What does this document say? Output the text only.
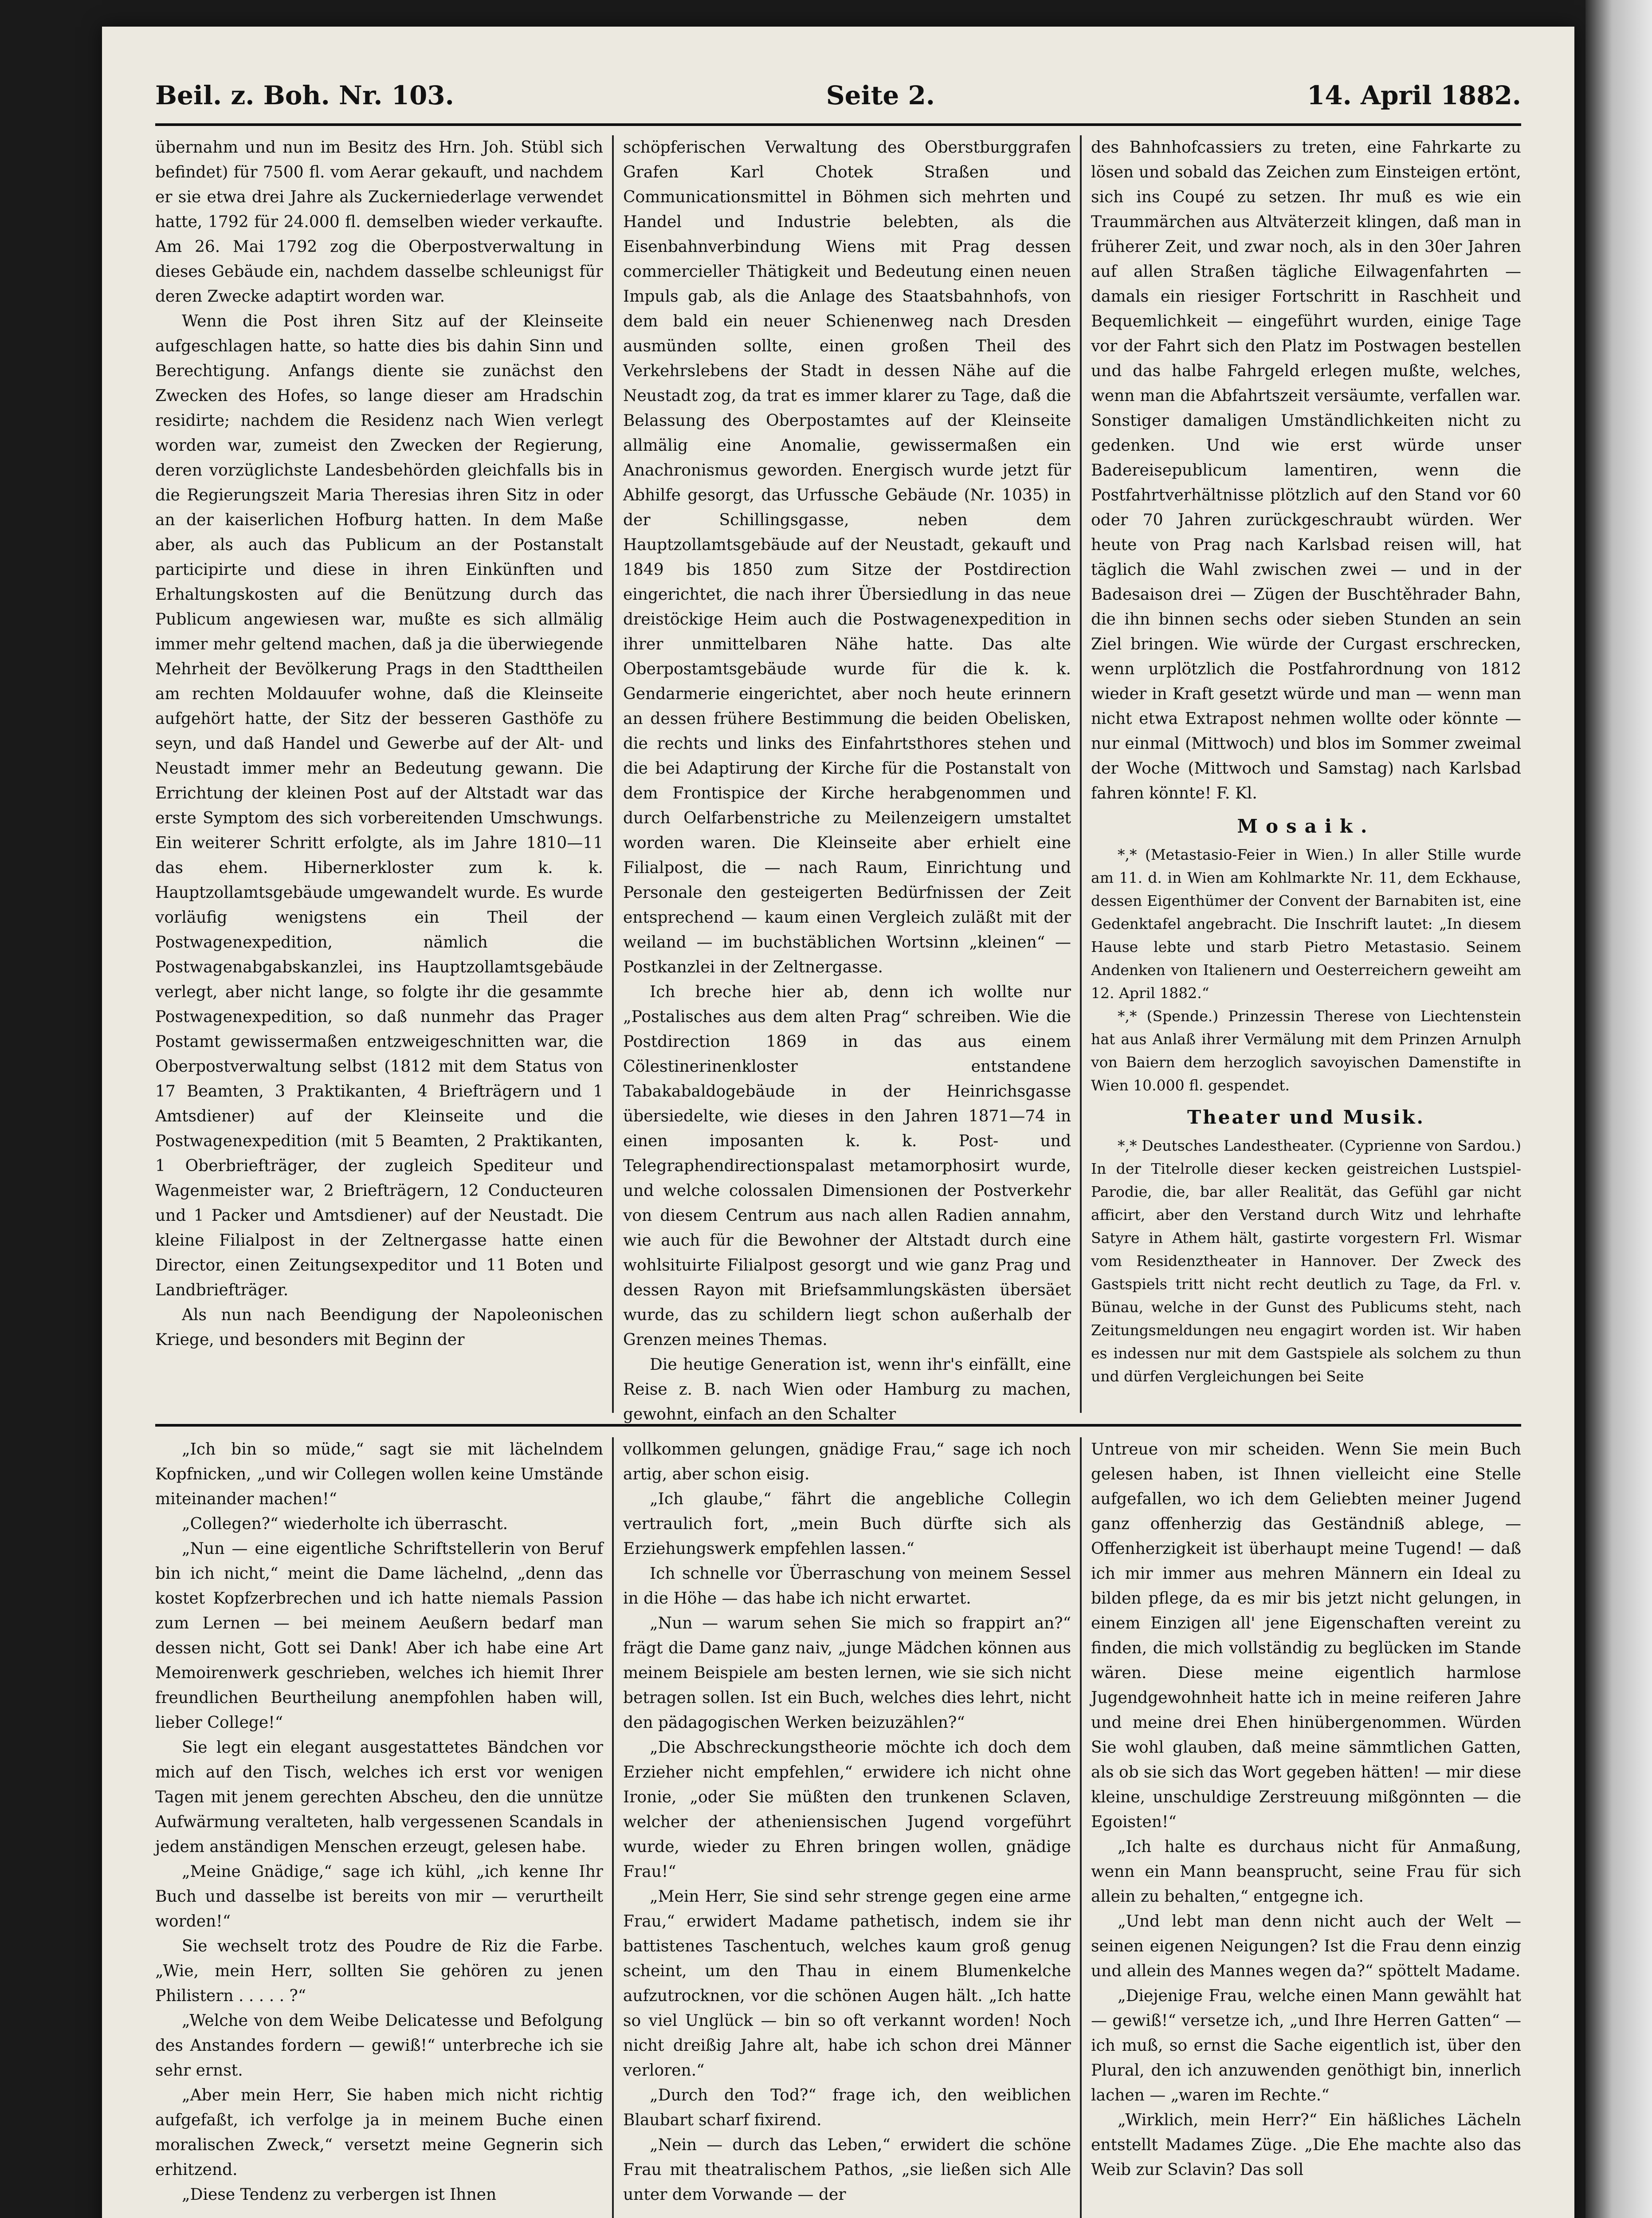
Beil. z. Boh. Nr. 103.	Seite 2.	14. April 1882.

übernahm und nun im Besitz des Hrn. Joh. Stübl sich befindet) für 7500 fl. vom Aerar gekauft, und nachdem er sie etwa drei Jahre als Zuckerniederlage verwendet hatte, 1792 für 24.000 fl. demselben wieder verkaufte. Am 26. Mai 1792 zog die Oberpostverwaltung in dieses Gebäude ein, nachdem dasselbe schleunigst für deren Zwecke adaptirt worden war.

Wenn die Post ihren Sitz auf der Kleinseite aufgeschlagen hatte, so hatte dies bis dahin Sinn und Berechtigung. Anfangs diente sie zunächst den Zwecken des Hofes, so lange dieser am Hradschin residirte; nachdem die Residenz nach Wien verlegt worden war, zumeist den Zwecken der Regierung, deren vorzüglichste Landesbehörden gleichfalls bis in die Regierungszeit Maria Theresias ihren Sitz in oder an der kaiserlichen Hofburg hatten. In dem Maße aber, als auch das Publicum an der Postanstalt participirte und diese in ihren Einkünften und Erhaltungskosten auf die Benützung durch das Publicum angewiesen war, mußte es sich allmälig immer mehr geltend machen, daß ja die überwiegende Mehrheit der Bevölkerung Prags in den Stadttheilen am rechten Moldauufer wohne, daß die Kleinseite aufgehört hatte, der Sitz der besseren Gasthöfe zu seyn, und daß Handel und Gewerbe auf der Alt- und Neustadt immer mehr an Bedeutung gewann. Die Errichtung der kleinen Post auf der Altstadt war das erste Symptom des sich vorbereitenden Umschwungs. Ein weiterer Schritt erfolgte, als im Jahre 1810—11 das ehem. Hibernerkloster zum k. k. Hauptzollamtsgebäude umgewandelt wurde. Es wurde vorläufig wenigstens ein Theil der Postwagenexpedition, nämlich die Postwagenabgabskanzlei, ins Hauptzollamtsgebäude verlegt, aber nicht lange, so folgte ihr die gesammte Postwagenexpedition, so daß nunmehr das Prager Postamt gewissermaßen entzweigeschnitten war, die Oberpostverwaltung selbst (1812 mit dem Status von 17 Beamten, 3 Praktikanten, 4 Briefträgern und 1 Amtsdiener) auf der Kleinseite und die Postwagenexpedition (mit 5 Beamten, 2 Praktikanten, 1 Oberbriefträger, der zugleich Spediteur und Wagenmeister war, 2 Briefträgern, 12 Conducteuren und 1 Packer und Amtsdiener) auf der Neustadt. Die kleine Filialpost in der Zeltnergasse hatte einen Director, einen Zeitungsexpeditor und 11 Boten und Landbriefträger.

Als nun nach Beendigung der Napoleonischen Kriege, und besonders mit Beginn der

schöpferischen Verwaltung des Oberstburggrafen Grafen Karl Chotek Straßen und Communicationsmittel in Böhmen sich mehrten und Handel und Industrie belebten, als die Eisenbahnverbindung Wiens mit Prag dessen commercieller Thätigkeit und Bedeutung einen neuen Impuls gab, als die Anlage des Staatsbahnhofs, von dem bald ein neuer Schienenweg nach Dresden ausmünden sollte, einen großen Theil des Verkehrslebens der Stadt in dessen Nähe auf die Neustadt zog, da trat es immer klarer zu Tage, daß die Belassung des Oberpostamtes auf der Kleinseite allmälig eine Anomalie, gewissermaßen ein Anachronismus geworden. Energisch wurde jetzt für Abhilfe gesorgt, das Urfussche Gebäude (Nr. 1035) in der Schillingsgasse, neben dem Hauptzollamtsgebäude auf der Neustadt, gekauft und 1849 bis 1850 zum Sitze der Postdirection eingerichtet, die nach ihrer Übersiedlung in das neue dreistöckige Heim auch die Postwagenexpedition in ihrer unmittelbaren Nähe hatte. Das alte Oberpostamtsgebäude wurde für die k. k. Gendarmerie eingerichtet, aber noch heute erinnern an dessen frühere Bestimmung die beiden Obelisken, die rechts und links des Einfahrtsthores stehen und die bei Adaptirung der Kirche für die Postanstalt von dem Frontispice der Kirche herabgenommen und durch Oelfarbenstriche zu Meilenzeigern umstaltet worden waren. Die Kleinseite aber erhielt eine Filialpost, die — nach Raum, Einrichtung und Personale den gesteigerten Bedürfnissen der Zeit entsprechend — kaum einen Vergleich zuläßt mit der weiland — im buchstäblichen Wortsinn „kleinen“ — Postkanzlei in der Zeltnergasse.

Ich breche hier ab, denn ich wollte nur „Postalisches aus dem alten Prag“ schreiben. Wie die Postdirection 1869 in das aus einem Cölestinerinenkloster entstandene Tabakabaldogebäude in der Heinrichsgasse übersiedelte, wie dieses in den Jahren 1871—74 in einen imposanten k. k. Post- und Telegraphendirectionspalast metamorphosirt wurde, und welche colossalen Dimensionen der Postverkehr von diesem Centrum aus nach allen Radien annahm, wie auch für die Bewohner der Altstadt durch eine wohlsituirte Filialpost gesorgt und wie ganz Prag und dessen Rayon mit Briefsammlungskästen übersäet wurde, das zu schildern liegt schon außerhalb der Grenzen meines Themas.

Die heutige Generation ist, wenn ihr's einfällt, eine Reise z. B. nach Wien oder Hamburg zu machen, gewohnt, einfach an den Schalter

des Bahnhofcassiers zu treten, eine Fahrkarte zu lösen und sobald das Zeichen zum Einsteigen ertönt, sich ins Coupé zu setzen. Ihr muß es wie ein Traummärchen aus Altväterzeit klingen, daß man in früherer Zeit, und zwar noch, als in den 30er Jahren auf allen Straßen tägliche Eilwagenfahrten — damals ein riesiger Fortschritt in Raschheit und Bequemlichkeit — eingeführt wurden, einige Tage vor der Fahrt sich den Platz im Postwagen bestellen und das halbe Fahrgeld erlegen mußte, welches, wenn man die Abfahrtszeit versäumte, verfallen war. Sonstiger damaligen Umständlichkeiten nicht zu gedenken. Und wie erst würde unser Badereisepublicum lamentiren, wenn die Postfahrtverhältnisse plötzlich auf den Stand vor 60 oder 70 Jahren zurückgeschraubt würden. Wer heute von Prag nach Karlsbad reisen will, hat täglich die Wahl zwischen zwei — und in der Badesaison drei — Zügen der Buschtěhrader Bahn, die ihn binnen sechs oder sieben Stunden an sein Ziel bringen. Wie würde der Curgast erschrecken, wenn urplötzlich die Postfahrordnung von 1812 wieder in Kraft gesetzt würde und man — wenn man nicht etwa Extrapost nehmen wollte oder könnte — nur einmal (Mittwoch) und blos im Sommer zweimal der Woche (Mittwoch und Samstag) nach Karlsbad fahren könnte! F. Kl.

Mosaik.

*,* (Metastasio-Feier in Wien.) In aller Stille wurde am 11. d. in Wien am Kohlmarkte Nr. 11, dem Eckhause, dessen Eigenthümer der Convent der Barnabiten ist, eine Gedenktafel angebracht. Die Inschrift lautet: „In diesem Hause lebte und starb Pietro Metastasio. Seinem Andenken von Italienern und Oesterreichern geweiht am 12. April 1882.“

*,* (Spende.) Prinzessin Therese von Liechtenstein hat aus Anlaß ihrer Vermälung mit dem Prinzen Arnulph von Baiern dem herzoglich savoyischen Damenstifte in Wien 10.000 fl. gespendet.

Theater und Musik.

*,* Deutsches Landestheater. (Cyprienne von Sardou.) In der Titelrolle dieser kecken geistreichen Lustspiel-Parodie, die, bar aller Realität, das Gefühl gar nicht afficirt, aber den Verstand durch Witz und lehrhafte Satyre in Athem hält, gastirte vorgestern Frl. Wismar vom Residenztheater in Hannover. Der Zweck des Gastspiels tritt nicht recht deutlich zu Tage, da Frl. v. Bünau, welche in der Gunst des Publicums steht, nach Zeitungsmeldungen neu engagirt worden ist. Wir haben es indessen nur mit dem Gastspiele als solchem zu thun und dürfen Vergleichungen bei Seite

„Ich bin so müde,“ sagt sie mit lächelndem Kopfnicken, „und wir Collegen wollen keine Umstände miteinander machen!“

„Collegen?“ wiederholte ich überrascht.

„Nun — eine eigentliche Schriftstellerin von Beruf bin ich nicht,“ meint die Dame lächelnd, „denn das kostet Kopfzerbrechen und ich hatte niemals Passion zum Lernen — bei meinem Aeußern bedarf man dessen nicht, Gott sei Dank! Aber ich habe eine Art Memoirenwerk geschrieben, welches ich hiemit Ihrer freundlichen Beurtheilung anempfohlen haben will, lieber College!“

Sie legt ein elegant ausgestattetes Bändchen vor mich auf den Tisch, welches ich erst vor wenigen Tagen mit jenem gerechten Abscheu, den die unnütze Aufwärmung veralteten, halb vergessenen Scandals in jedem anständigen Menschen erzeugt, gelesen habe.

„Meine Gnädige,“ sage ich kühl, „ich kenne Ihr Buch und dasselbe ist bereits von mir — verurtheilt worden!“

Sie wechselt trotz des Poudre de Riz die Farbe. „Wie, mein Herr, sollten Sie gehören zu jenen Philistern . . . . . ?“

„Welche von dem Weibe Delicatesse und Befolgung des Anstandes fordern — gewiß!“ unterbreche ich sie sehr ernst.

„Aber mein Herr, Sie haben mich nicht richtig aufgefaßt, ich verfolge ja in meinem Buche einen moralischen Zweck,“ versetzt meine Gegnerin sich erhitzend.

„Diese Tendenz zu verbergen ist Ihnen

vollkommen gelungen, gnädige Frau,“ sage ich noch artig, aber schon eisig.

„Ich glaube,“ fährt die angebliche Collegin vertraulich fort, „mein Buch dürfte sich als Erziehungswerk empfehlen lassen.“

Ich schnelle vor Überraschung von meinem Sessel in die Höhe — das habe ich nicht erwartet.

„Nun — warum sehen Sie mich so frappirt an?“ frägt die Dame ganz naiv, „junge Mädchen können aus meinem Beispiele am besten lernen, wie sie sich nicht betragen sollen. Ist ein Buch, welches dies lehrt, nicht den pädagogischen Werken beizuzählen?“

„Die Abschreckungstheorie möchte ich doch dem Erzieher nicht empfehlen,“ erwidere ich nicht ohne Ironie, „oder Sie müßten den trunkenen Sclaven, welcher der atheniensischen Jugend vorgeführt wurde, wieder zu Ehren bringen wollen, gnädige Frau!“

„Mein Herr, Sie sind sehr strenge gegen eine arme Frau,“ erwidert Madame pathetisch, indem sie ihr battistenes Taschentuch, welches kaum groß genug scheint, um den Thau in einem Blumenkelche aufzutrocknen, vor die schönen Augen hält. „Ich hatte so viel Unglück — bin so oft verkannt worden! Noch nicht dreißig Jahre alt, habe ich schon drei Männer verloren.“

„Durch den Tod?“ frage ich, den weiblichen Blaubart scharf fixirend.

„Nein — durch das Leben,“ erwidert die schöne Frau mit theatralischem Pathos, „sie ließen sich Alle unter dem Vorwande — der

Untreue von mir scheiden. Wenn Sie mein Buch gelesen haben, ist Ihnen vielleicht eine Stelle aufgefallen, wo ich dem Geliebten meiner Jugend ganz offenherzig das Geständniß ablege, — Offenherzigkeit ist überhaupt meine Tugend! — daß ich mir immer aus mehren Männern ein Ideal zu bilden pflege, da es mir bis jetzt nicht gelungen, in einem Einzigen all' jene Eigenschaften vereint zu finden, die mich vollständig zu beglücken im Stande wären. Diese meine eigentlich harmlose Jugendgewohnheit hatte ich in meine reiferen Jahre und meine drei Ehen hinübergenommen. Würden Sie wohl glauben, daß meine sämmtlichen Gatten, als ob sie sich das Wort gegeben hätten! — mir diese kleine, unschuldige Zerstreuung mißgönnten — die Egoisten!“

„Ich halte es durchaus nicht für Anmaßung, wenn ein Mann beansprucht, seine Frau für sich allein zu behalten,“ entgegne ich.

„Und lebt man denn nicht auch der Welt — seinen eigenen Neigungen? Ist die Frau denn einzig und allein des Mannes wegen da?“ spöttelt Madame.

„Diejenige Frau, welche einen Mann gewählt hat — gewiß!“ versetze ich, „und Ihre Herren Gatten“ — ich muß, so ernst die Sache eigentlich ist, über den Plural, den ich anzuwenden genöthigt bin, innerlich lachen — „waren im Rechte.“

„Wirklich, mein Herr?“ Ein häßliches Lächeln entstellt Madames Züge. „Die Ehe machte also das Weib zur Sclavin? Das soll
